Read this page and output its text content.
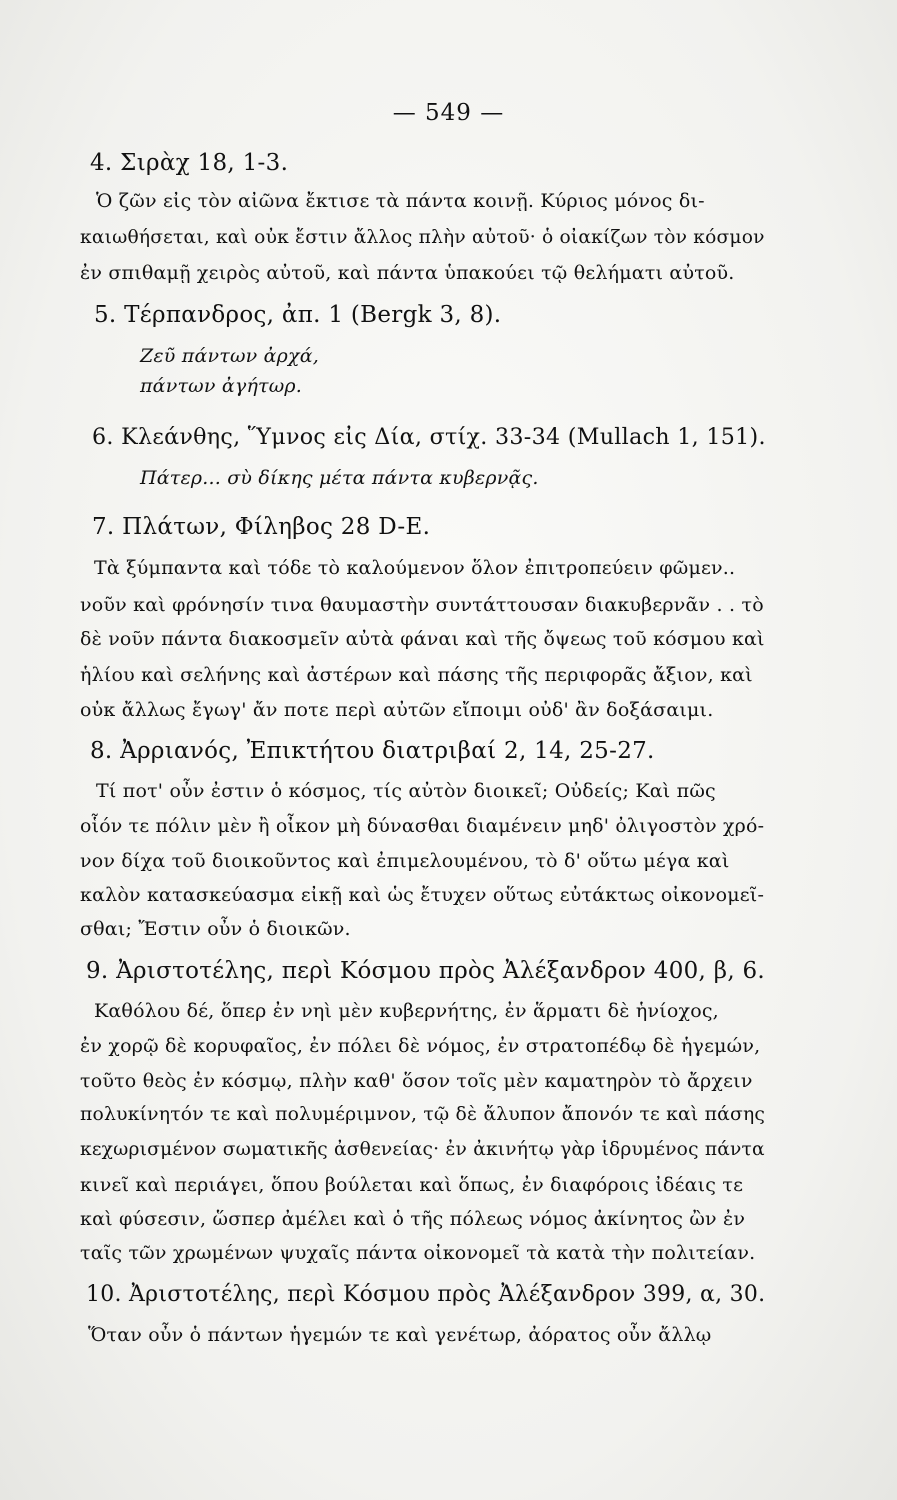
— 549 —
4. Σιρὰχ 18, 1-3.
Ὁ ζῶν εἰς τὸν αἰῶνα ἔκτισε τὰ πάντα κοινῇ. Κύριος μόνος δι-
καιωθήσεται, καὶ οὐκ ἔστιν ἄλλος πλὴν αὐτοῦ· ὁ οἰακίζων τὸν κόσμον
ἐν σπιθαμῇ χειρὸς αὐτοῦ, καὶ πάντα ὑπακούει τῷ θελήματι αὐτοῦ.
5. Τέρπανδρος, ἀπ. 1 (Bergk 3, 8).
Ζεῦ πάντων ἀρχά,
πάντων ἀγήτωρ.
6. Κλεάνθης, Ὕμνος εἰς Δία, στίχ. 33-34 (Mullach 1, 151).
Πάτερ... σὺ δίκης μέτα πάντα κυβερνᾷς.
7. Πλάτων, Φίληβος 28 D-E.
Τὰ ξύμπαντα καὶ τόδε τὸ καλούμενον ὅλον ἐπιτροπεύειν φῶμεν..
νοῦν καὶ φρόνησίν τινα θαυμαστὴν συντάττουσαν διακυβερνᾶν . . τὸ
δὲ νοῦν πάντα διακοσμεῖν αὐτὰ φάναι καὶ τῆς ὄψεως τοῦ κόσμου καὶ
ἡλίου καὶ σελήνης καὶ ἀστέρων καὶ πάσης τῆς περιφορᾶς ἄξιον, καὶ
οὐκ ἄλλως ἔγωγ' ἄν ποτε περὶ αὐτῶν εἴποιμι οὐδ' ἂν δοξάσαιμι.
8. Ἀρριανός, Ἐπικτήτου διατριβαί 2, 14, 25-27.
Τί ποτ' οὖν ἐστιν ὁ κόσμος, τίς αὐτὸν διοικεῖ; Οὐδείς; Καὶ πῶς
οἷόν τε πόλιν μὲν ἢ οἶκον μὴ δύνασθαι διαμένειν μηδ' ὀλιγοστὸν χρό-
νον δίχα τοῦ διοικοῦντος καὶ ἐπιμελουμένου, τὸ δ' οὕτω μέγα καὶ
καλὸν κατασκεύασμα εἰκῇ καὶ ὡς ἔτυχεν οὕτως εὐτάκτως οἰκονομεῖ-
σθαι; Ἔστιν οὖν ὁ διοικῶν.
9. Ἀριστοτέλης, περὶ Κόσμου πρὸς Ἀλέξανδρον 400, β, 6.
Καθόλου δέ, ὅπερ ἐν νηὶ μὲν κυβερνήτης, ἐν ἅρματι δὲ ἡνίοχος,
ἐν χορῷ δὲ κορυφαῖος, ἐν πόλει δὲ νόμος, ἐν στρατοπέδῳ δὲ ἡγεμών,
τοῦτο θεὸς ἐν κόσμῳ, πλὴν καθ' ὅσον τοῖς μὲν καματηρὸν τὸ ἄρχειν
πολυκίνητόν τε καὶ πολυμέριμνον, τῷ δὲ ἄλυπον ἄπονόν τε καὶ πάσης
κεχωρισμένον σωματικῆς ἀσθενείας· ἐν ἀκινήτῳ γὰρ ἱδρυμένος πάντα
κινεῖ καὶ περιάγει, ὅπου βούλεται καὶ ὅπως, ἐν διαφόροις ἰδέαις τε
καὶ φύσεσιν, ὥσπερ ἀμέλει καὶ ὁ τῆς πόλεως νόμος ἀκίνητος ὢν ἐν
ταῖς τῶν χρωμένων ψυχαῖς πάντα οἰκονομεῖ τὰ κατὰ τὴν πολιτείαν.
10. Ἀριστοτέλης, περὶ Κόσμου πρὸς Ἀλέξανδρον 399, α, 30.
Ὅταν οὖν ὁ πάντων ἡγεμών τε καὶ γενέτωρ, ἀόρατος οὖν ἄλλῳ
